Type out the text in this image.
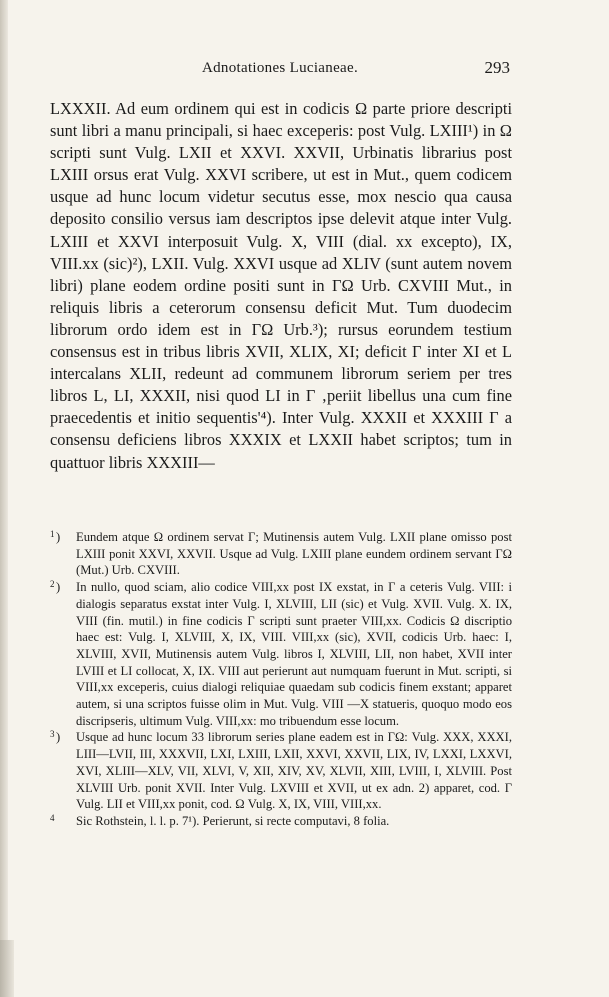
Adnotationes Lucianeae.	293

LXXXII. Ad eum ordinem qui est in codicis Ω parte priore descripti sunt libri a manu principali, si haec exceperis: post Vulg. LXIII¹) in Ω scripti sunt Vulg. LXII et XXVI. XXVII, Urbinatis librarius post LXIII orsus erat Vulg. XXVI scribere, ut est in Mut., quem codicem usque ad hunc locum videtur secutus esse, mox nescio qua causa deposito consilio versus iam descriptos ipse delevit atque inter Vulg. LXIII et XXVI interposuit Vulg. X, VIII (dial. xx excepto), IX, VIII.xx (sic)²), LXII. Vulg. XXVI usque ad XLIV (sunt autem novem libri) plane eodem ordine positi sunt in ΓΩ Urb. CXVIII Mut., in reliquis libris a ceterorum consensu deficit Mut. Tum duodecim librorum ordo idem est in ΓΩ Urb.³); rursus eorundem testium consensus est in tribus libris XVII, XLIX, XI; deficit Γ inter XI et L intercalans XLII, redeunt ad communem librorum seriem per tres libros L, LI, XXXII, nisi quod LI in Γ ‚periit libellus una cum fine praecedentis et initio sequentis'⁴). Inter Vulg. XXXII et XXXIII Γ a consensu deficiens libros XXXIX et LXXII habet scriptos; tum in quattuor libris XXXIII—

1 ) Eundem atque Ω ordinem servat Γ; Mutinensis autem Vulg. LXII plane omisso post LXIII ponit XXVI, XXVII. Usque ad Vulg. LXIII plane eundem ordinem servant ΓΩ (Mut.) Urb. CXVIII.
2 ) In nullo, quod sciam, alio codice VIII,xx post IX exstat, in Γ a ceteris Vulg. VIII: i dialogis separatus exstat inter Vulg. I, XLVIII, LII (sic) et Vulg. XVII. Vulg. X. IX, VIII (fin. mutil.) in fine codicis Γ scripti sunt praeter VIII,xx. Codicis Ω discriptio haec est: Vulg. I, XLVIII, X, IX, VIII. VIII,xx (sic), XVII, codicis Urb. haec: I, XLVIII, XVII, Mutinensis autem Vulg. libros I, XLVIII, LII, non habet, XVII inter LVIII et LI collocat, X, IX. VIII aut perierunt aut numquam fuerunt in Mut. scripti, si VIII,xx exceperis, cuius dialogi reliquiae quaedam sub codicis finem exstant; apparet autem, si una scriptos fuisse olim in Mut. Vulg. VIII —X statueris, quoquo modo eos discripseris, ultimum Vulg. VIII,xx: mo tribuendum esse locum.
3 ) Usque ad hunc locum 33 librorum series plane eadem est in ΓΩ: Vulg. XXX, XXXI, LIII—LVII, III, XXXVII, LXI, LXIII, LXII, XXVI, XXVII, LIX, IV, LXXI, LXXVI, XVI, XLIII—XLV, VII, XLVI, V, XII, XIV, XV, XLVII, XIII, LVIII, I, XLVIII. Post XLVIII Urb. ponit XVII. Inter Vulg. LXVIII et XVII, ut ex adn. 2) apparet, cod. Γ Vulg. LII et VIII,xx ponit, cod. Ω Vulg. X, IX, VIII, VIII,xx.
4 Sic Rothstein, l. l. p. 7¹). Perierunt, si recte computavi, 8 folia.
